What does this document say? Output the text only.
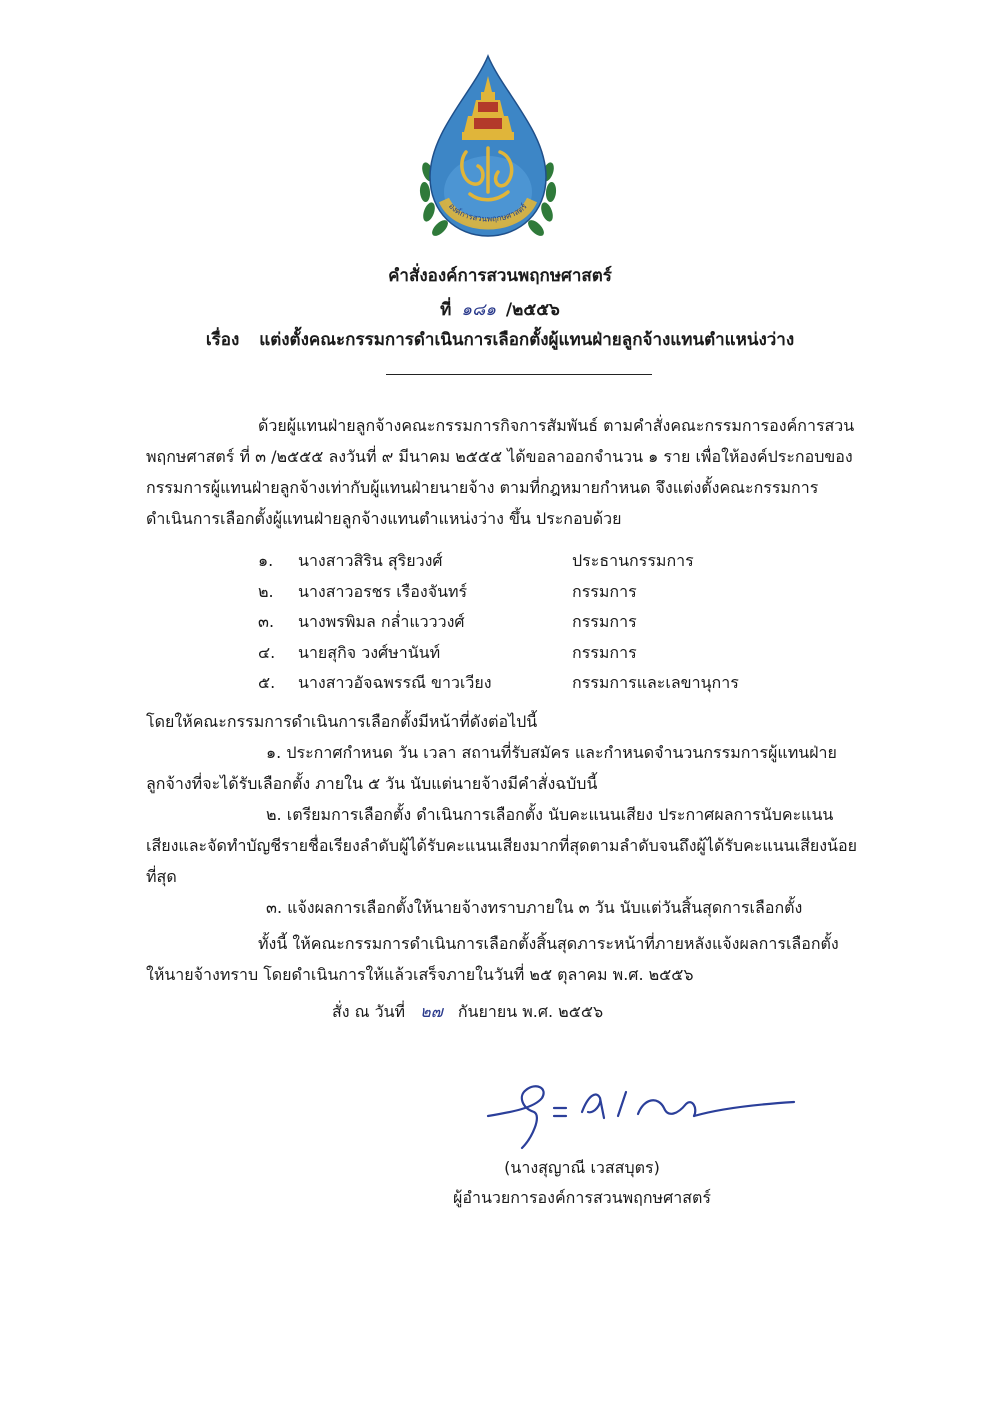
องค์การสวนพฤกษศาสตร์
คำสั่งองค์การสวนพฤกษศาสตร์
ที่ ๑๘๑ /๒๕๕๖
เรื่อง แต่งตั้งคณะกรรมการดำเนินการเลือกตั้งผู้แทนฝ่ายลูกจ้างแทนตำแหน่งว่าง
ด้วยผู้แทนฝ่ายลูกจ้างคณะกรรมการกิจการสัมพันธ์ ตามคำสั่งคณะกรรมการองค์การสวน
พฤกษศาสตร์ ที่ ๓ /๒๕๕๕ ลงวันที่ ๙ มีนาคม ๒๕๕๕ ได้ขอลาออกจำนวน ๑ ราย เพื่อให้องค์ประกอบของ
กรรมการผู้แทนฝ่ายลูกจ้างเท่ากับผู้แทนฝ่ายนายจ้าง ตามที่กฎหมายกำหนด จึงแต่งตั้งคณะกรรมการ
ดำเนินการเลือกตั้งผู้แทนฝ่ายลูกจ้างแทนตำแหน่งว่าง ขึ้น ประกอบด้วย
๑. นางสาวสิริน สุริยวงศ์	ประธานกรรมการ
๒. นางสาวอรชร เรืองจันทร์	กรรมการ
๓. นางพรพิมล กล่ำแวววงศ์	กรรมการ
๔. นายสุกิจ วงศ์ษานันท์	กรรมการ
๕. นางสาวอัจฉพรรณี ขาวเวียง	กรรมการและเลขานุการ
โดยให้คณะกรรมการดำเนินการเลือกตั้งมีหน้าที่ดังต่อไปนี้
๑. ประกาศกำหนด วัน เวลา สถานที่รับสมัคร และกำหนดจำนวนกรรมการผู้แทนฝ่าย
ลูกจ้างที่จะได้รับเลือกตั้ง ภายใน ๕ วัน นับแต่นายจ้างมีคำสั่งฉบับนี้
๒. เตรียมการเลือกตั้ง ดำเนินการเลือกตั้ง นับคะแนนเสียง ประกาศผลการนับคะแนน
เสียงและจัดทำบัญชีรายชื่อเรียงลำดับผู้ได้รับคะแนนเสียงมากที่สุดตามลำดับจนถึงผู้ได้รับคะแนนเสียงน้อย
ที่สุด
๓. แจ้งผลการเลือกตั้งให้นายจ้างทราบภายใน ๓ วัน นับแต่วันสิ้นสุดการเลือกตั้ง
ทั้งนี้ ให้คณะกรรมการดำเนินการเลือกตั้งสิ้นสุดภาระหน้าที่ภายหลังแจ้งผลการเลือกตั้ง
ให้นายจ้างทราบ โดยดำเนินการให้แล้วเสร็จภายในวันที่ ๒๕ ตุลาคม พ.ศ. ๒๕๕๖
สั่ง ณ วันที่ ๒๗ กันยายน พ.ศ. ๒๕๕๖
(นางสุญาณี เวสสบุตร)
ผู้อำนวยการองค์การสวนพฤกษศาสตร์
